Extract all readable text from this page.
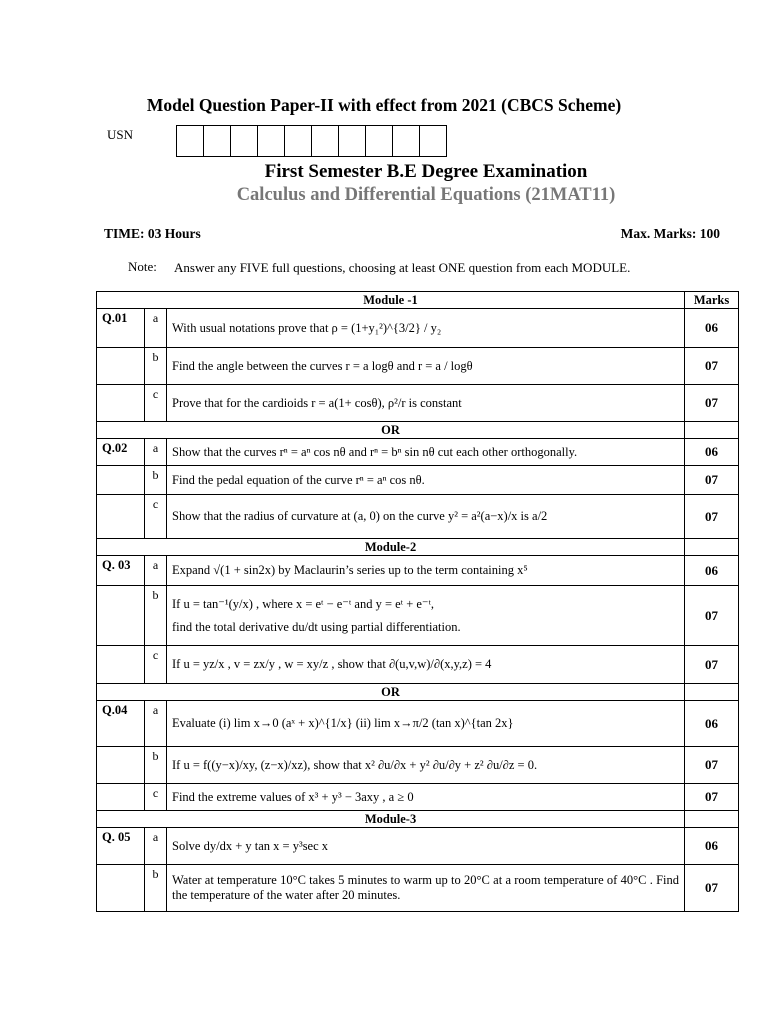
Model Question Paper-II with effect from 2021 (CBCS Scheme)
USN
First Semester B.E Degree Examination
Calculus and Differential Equations (21MAT11)
TIME: 03 Hours	Max. Marks: 100
Note: Answer any FIVE full questions, choosing at least ONE question from each MODULE.
Module -1			Marks
Q.01	a	With usual notations prove that ρ = (1+y₁²)^{3/2} / y₂	06
	b	Find the angle between the curves r = a logθ and r = a / logθ	07
	c	Prove that for the cardioids r = a(1+ cosθ), ρ²/r is constant	07
OR			
Q.02	a	Show that the curves rⁿ = aⁿ cos nθ and rⁿ = bⁿ sin nθ cut each other orthogonally.	06
	b	Find the pedal equation of the curve rⁿ = aⁿ cos nθ.	07
	c	Show that the radius of curvature at (a, 0) on the curve y² = a²(a−x)/x is a/2	07
Module-2			
Q. 03	a	Expand √(1 + sin2x) by Maclaurin’s series up to the term containing x⁵	06
	b	If u = tan⁻¹(y/x) , where x = eᵗ − e⁻ᵗ and y = eᵗ + e⁻ᵗ,
find the total derivative du/dt using partial differentiation.	07
	c	If u = yz/x , v = zx/y , w = xy/z , show that ∂(u,v,w)/∂(x,y,z) = 4	07
OR			
Q.04	a	Evaluate (i) lim x→0 (aˣ + x)^{1/x} (ii) lim x→π/2 (tan x)^{tan 2x}	06
	b	If u = f((y−x)/xy, (z−x)/xz), show that x² ∂u/∂x + y² ∂u/∂y + z² ∂u/∂z = 0.	07
	c	Find the extreme values of x³ + y³ − 3axy , a ≥ 0	07
Module-3			
Q. 05	a	Solve dy/dx + y tan x = y³sec x	06
	b	Water at temperature 10°C takes 5 minutes to warm up to 20°C at a room temperature of 40°C . Find the temperature of the water after 20 minutes.	07
